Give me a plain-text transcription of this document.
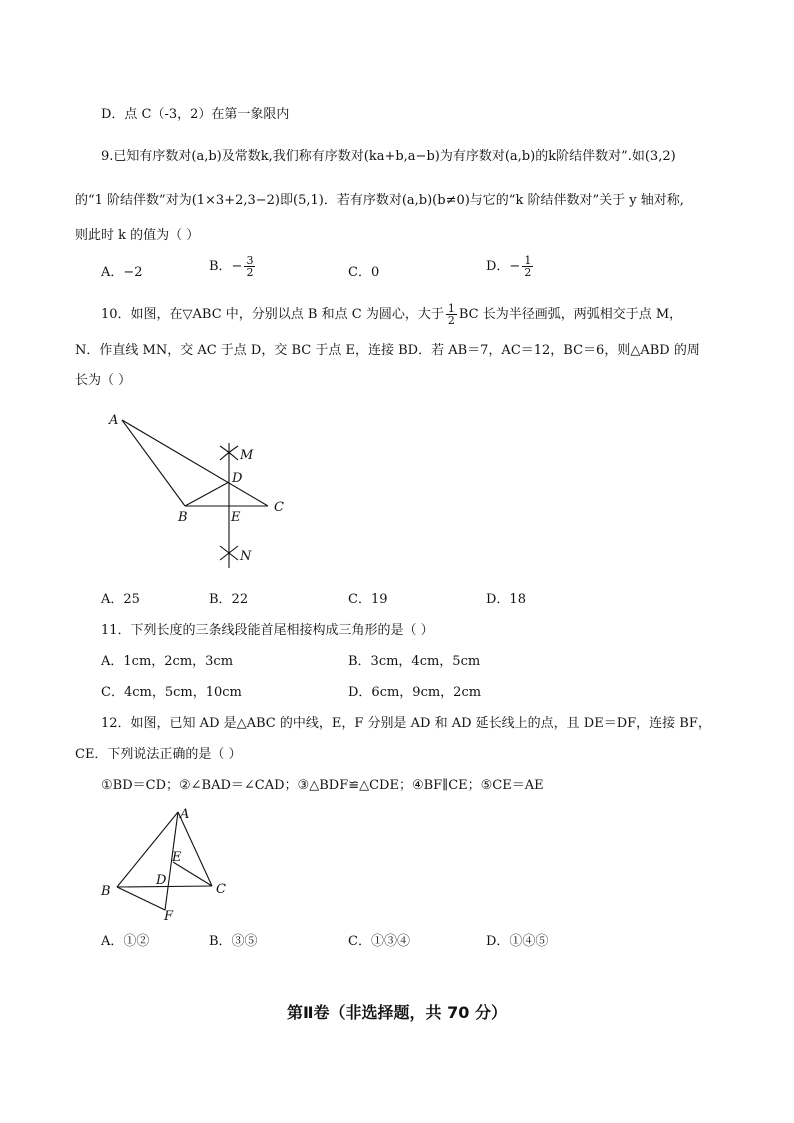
D．点 C（-3，2）在第一象限内
9.已知有序数对(a,b)及常数k,我们称有序数对(ka+b,a−b)为有序数对(a,b)的k阶结伴数对”.如(3,2)
的“1 阶结伴数”对为(1×3+2,3−2)即(5,1)．若有序数对(a,b)(b≠0)与它的“k 阶结伴数对”关于 y 轴对称,
则此时 k 的值为（ ）
A．−2	B．− $\frac{3}{2}$	C．0	D．− $\frac{1}{2}$
10．如图，在▽ABC 中，分别以点 B 和点 C 为圆心，大于 $\frac{1}{2}$ BC 长为半径画弧，两弧相交于点 M，
N．作直线 MN，交 AC 于点 D，交 BC 于点 E，连接 BD．若 AB＝7，AC＝12，BC＝6，则△ABD 的周
长为（ ）
A
B
C
D
E
M
N
A．25	B．22	C．19	D．18
11．下列长度的三条线段能首尾相接构成三角形的是（ ）
A．1cm，2cm，3cm	B．3cm，4cm，5cm
C．4cm，5cm，10cm	D．6cm，9cm，2cm
12．如图，已知 AD 是△ABC 的中线，E，F 分别是 AD 和 AD 延长线上的点，且 DE＝DF，连接 BF，
CE．下列说法正确的是（ ）
①BD＝CD；②∠BAD＝∠CAD；③△BDF≌△CDE；④BF∥CE；⑤CE＝AE
A
B	C
D
E
F
A．①②	B．③⑤	C．①③④	D．①④⑤
第Ⅱ卷（非选择题，共 70 分）
